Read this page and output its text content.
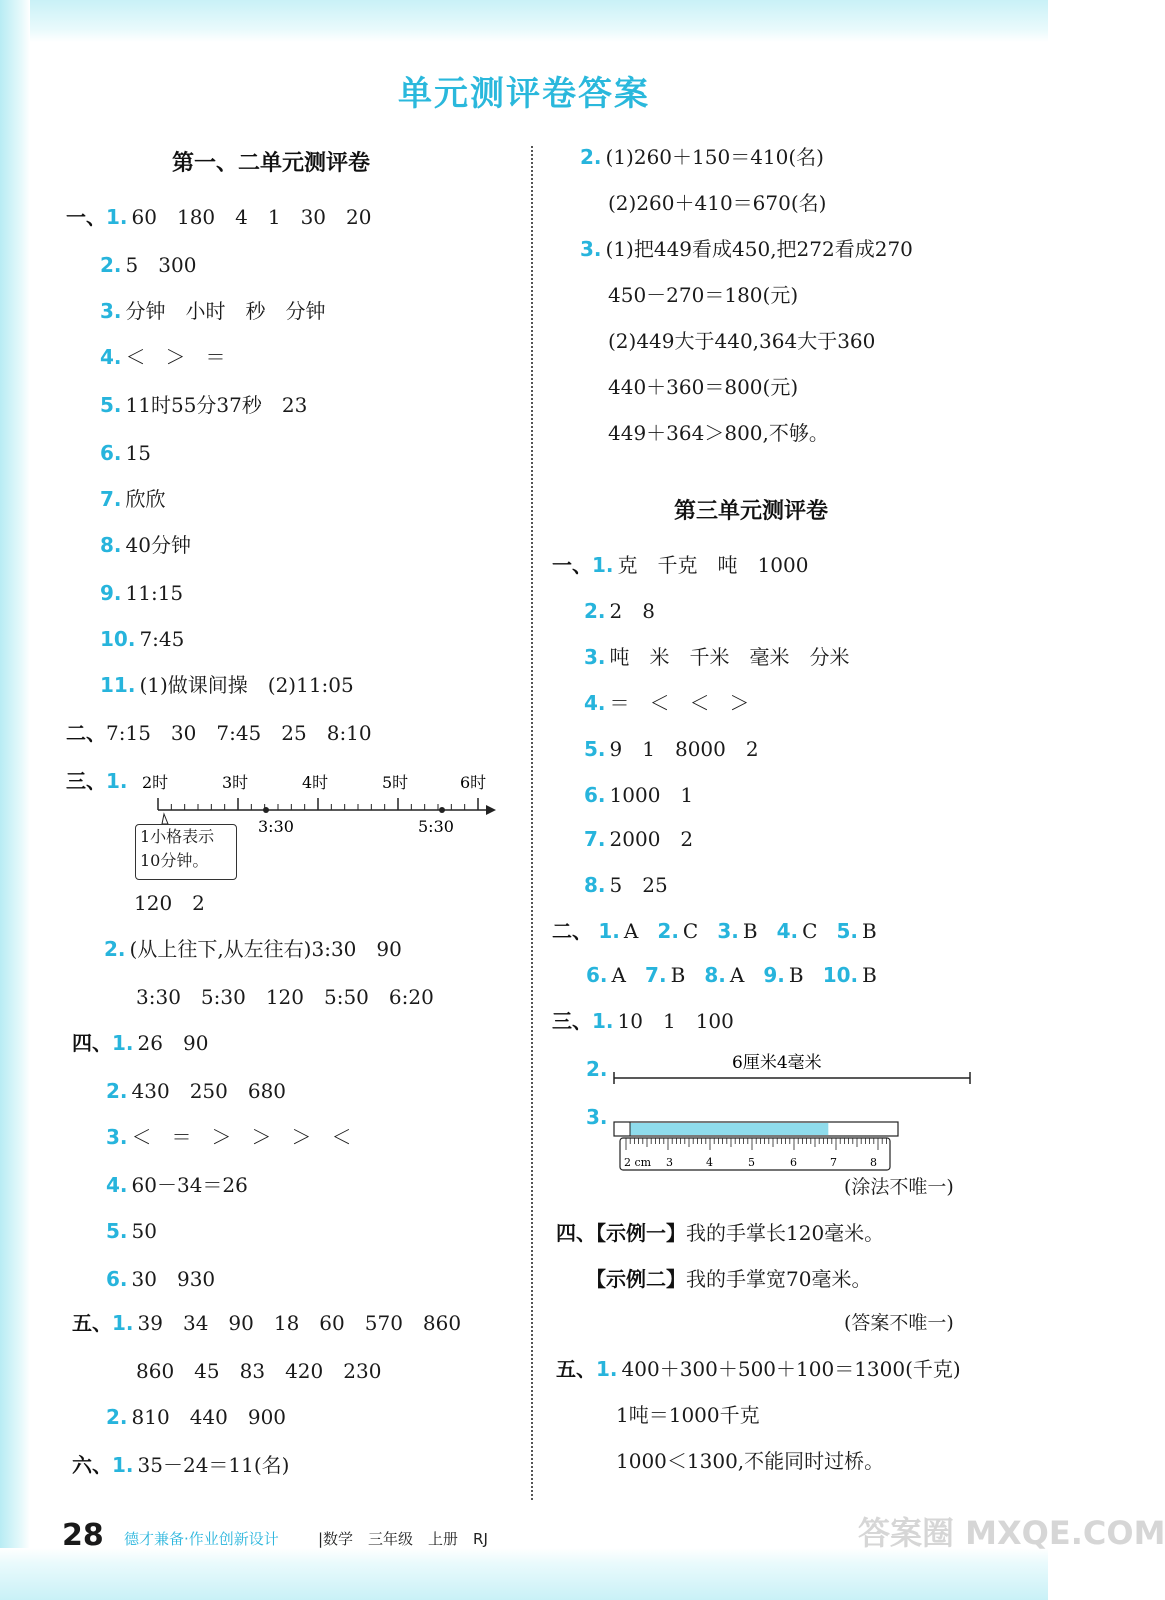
单元测评卷答案
第一、二单元测评卷
一、1. 60　180　4　1　30　20
2. 5　300
3. 分钟　小时　秒　分钟
4. ＜　＞　＝
5. 11时55分37秒　23
6. 15
7. 欣欣
8. 40分钟
9. 11:15
10. 7:45
11. (1)做课间操　(2)11:05
二、7:15　30　7:45　25　8:10
三、1. 2时	3时	4时	5时	6时
3:30	5:30
1小格表示
10分钟。
120　2
2. (从上往下,从左往右)3:30　90
3:30　5:30　120　5:50　6:20
四、1. 26　90
2. 430　250　680
3. ＜　＝　＞　＞　＞　＜
4. 60－34＝26
5. 50
6. 30　930
五、1. 39　34　90　18　60　570　860
860　45　83　420　230
2. 810　440　900
六、1. 35－24＝11(名)
2. (1)260＋150＝410(名)
(2)260＋410＝670(名)
3. (1)把449看成450,把272看成270
450－270＝180(元)
(2)449大于440,364大于360
440＋360＝800(元)
449＋364＞800,不够。
第三单元测评卷
一、1. 克　千克　吨　1000
2. 2　8
3. 吨　米　千米　毫米　分米
4. ＝　＜　＜　＞
5. 9　1　8000　2
6. 1000　1
7. 2000　2
8. 5　25
二、 1. A 2. C 3. B 4. C 5. B
6. A 7. B 8. A 9. B 10. B
三、1. 10　1　100
2.	6厘米4毫米
3.
2 cm 3	4	5	6	7	8
(涂法不唯一)
四、【示例一】我的手掌长120毫米。
【示例二】我的手掌宽70毫米。
(答案不唯一)
五、1. 400＋300＋500＋100＝1300(千克)
1吨＝1000千克
1000＜1300,不能同时过桥。
28 德才兼备·作业创新设计	|数学　三年级　上册　RJ	答案圈 MXQE.COM
